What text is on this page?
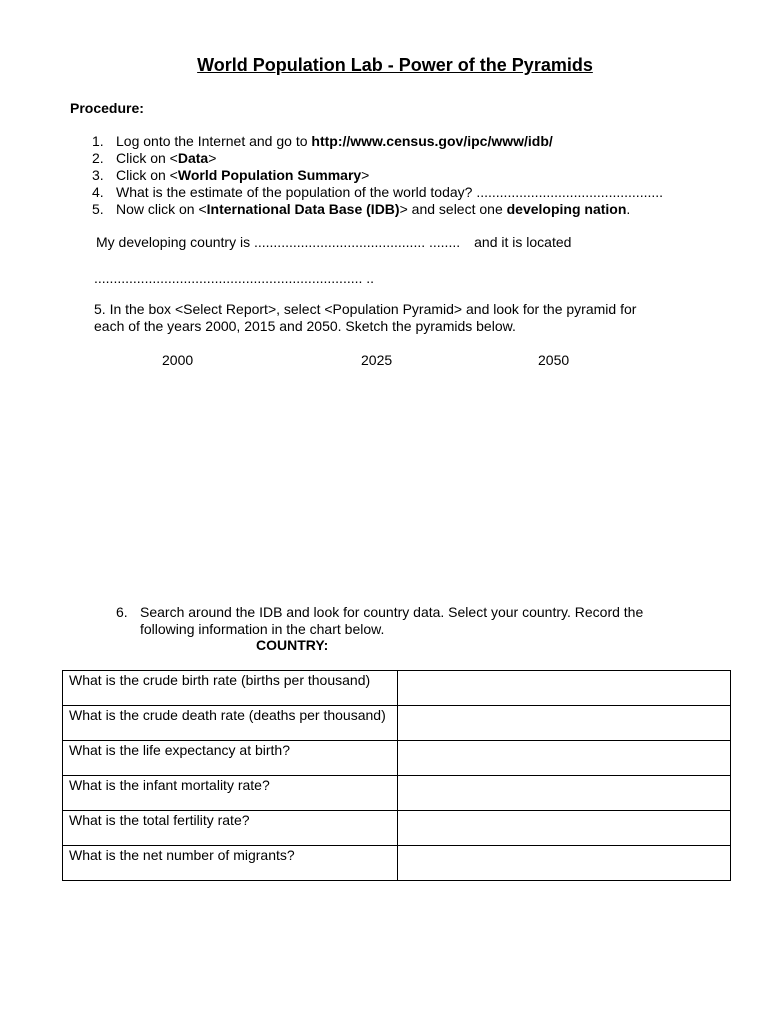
World Population Lab - Power of the Pyramids
Procedure:
1. Log onto the Internet and go to http://www.census.gov/ipc/www/idb/
2. Click on <Data>
3. Click on <World Population Summary>
4. What is the estimate of the population of the world today? ................................................
5. Now click on <International Data Base (IDB)> and select one developing nation.
My developing country is ............................................ ........ and it is located
..................................................................... ..
5. In the box <Select Report>, select <Population Pyramid> and look for the pyramid for
each of the years 2000, 2015 and 2050. Sketch the pyramids below.
2000	2025	2050
6. Search around the IDB and look for country data. Select your country. Record the
following information in the chart below.
COUNTRY:
What is the crude birth rate (births per thousand)	
What is the crude death rate (deaths per thousand)	
What is the life expectancy at birth?	
What is the infant mortality rate?	
What is the total fertility rate?	
What is the net number of migrants?	
